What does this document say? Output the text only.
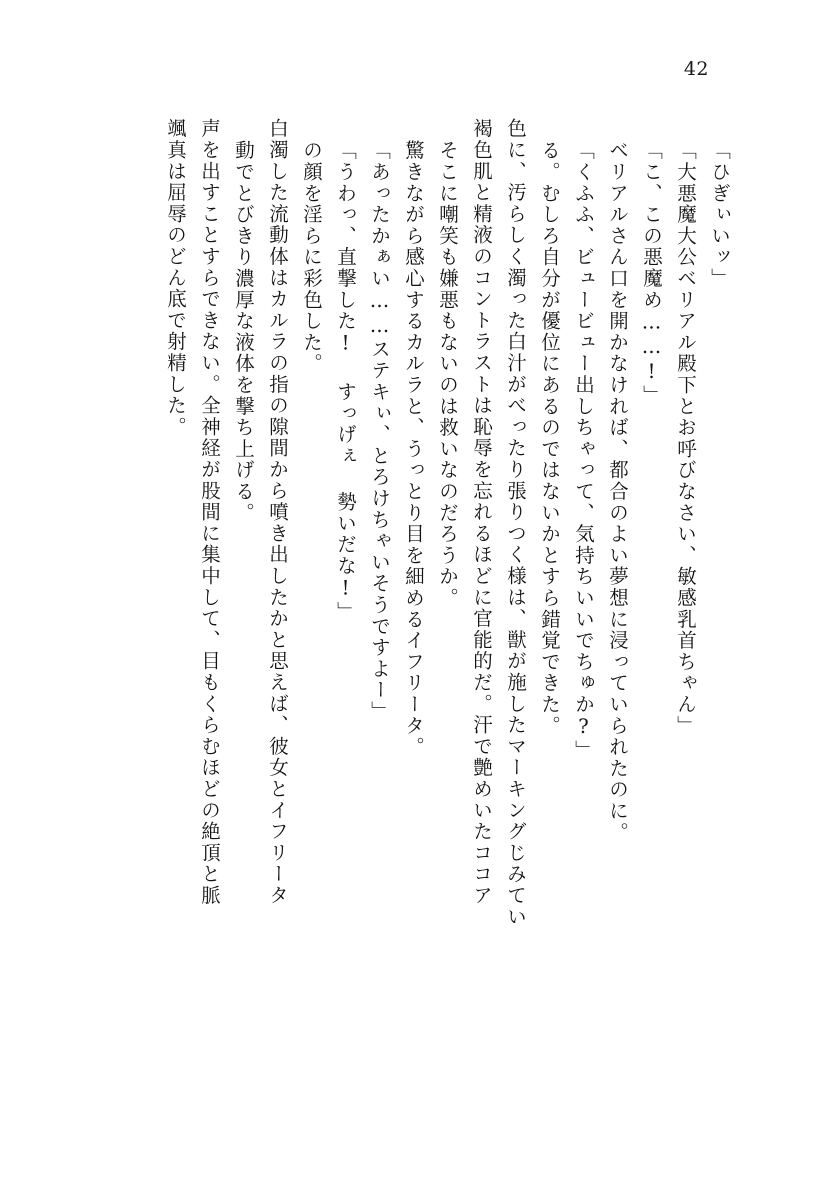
42
颯真は屈辱のどん底で射精した。 声を出すことすらできない。全神経が股間に集中して、目もくらむほどの絶頂と脈 動でとびきり濃厚な液体を撃ち上げる。 白濁した流動体はカルラの指の隙間から噴き出したかと思えば、彼女とイフリータ の顔を淫らに彩色した。 「うわっ、直撃した! すっげぇ 勢いだな!」 「あったかぁい……ステキぃ、とろけちゃいそうですよー」 驚きながら感心するカルラと、うっとり目を細めるイフリータ。 そこに嘲笑も嫌悪もないのは救いなのだろうか。 褐色肌と精液のコントラストは恥辱を忘れるほどに官能的だ。汗で艶めいたココア 色に、汚らしく濁った白汁がべったり張りつく様は、獣が施したマーキングじみてい る。むしろ自分が優位にあるのではないかとすら錯覚できた。 「くふふ、ビュービュー出しちゃって、気持ちいいでちゅか?」 ベリアルさん口を開かなければ、都合のよい夢想に浸っていられたのに。 「こ、この悪魔め……!」 「大悪魔大公ベリアル殿下とお呼びなさい、敏感乳首ちゃん」 「ひぎぃいッ」
